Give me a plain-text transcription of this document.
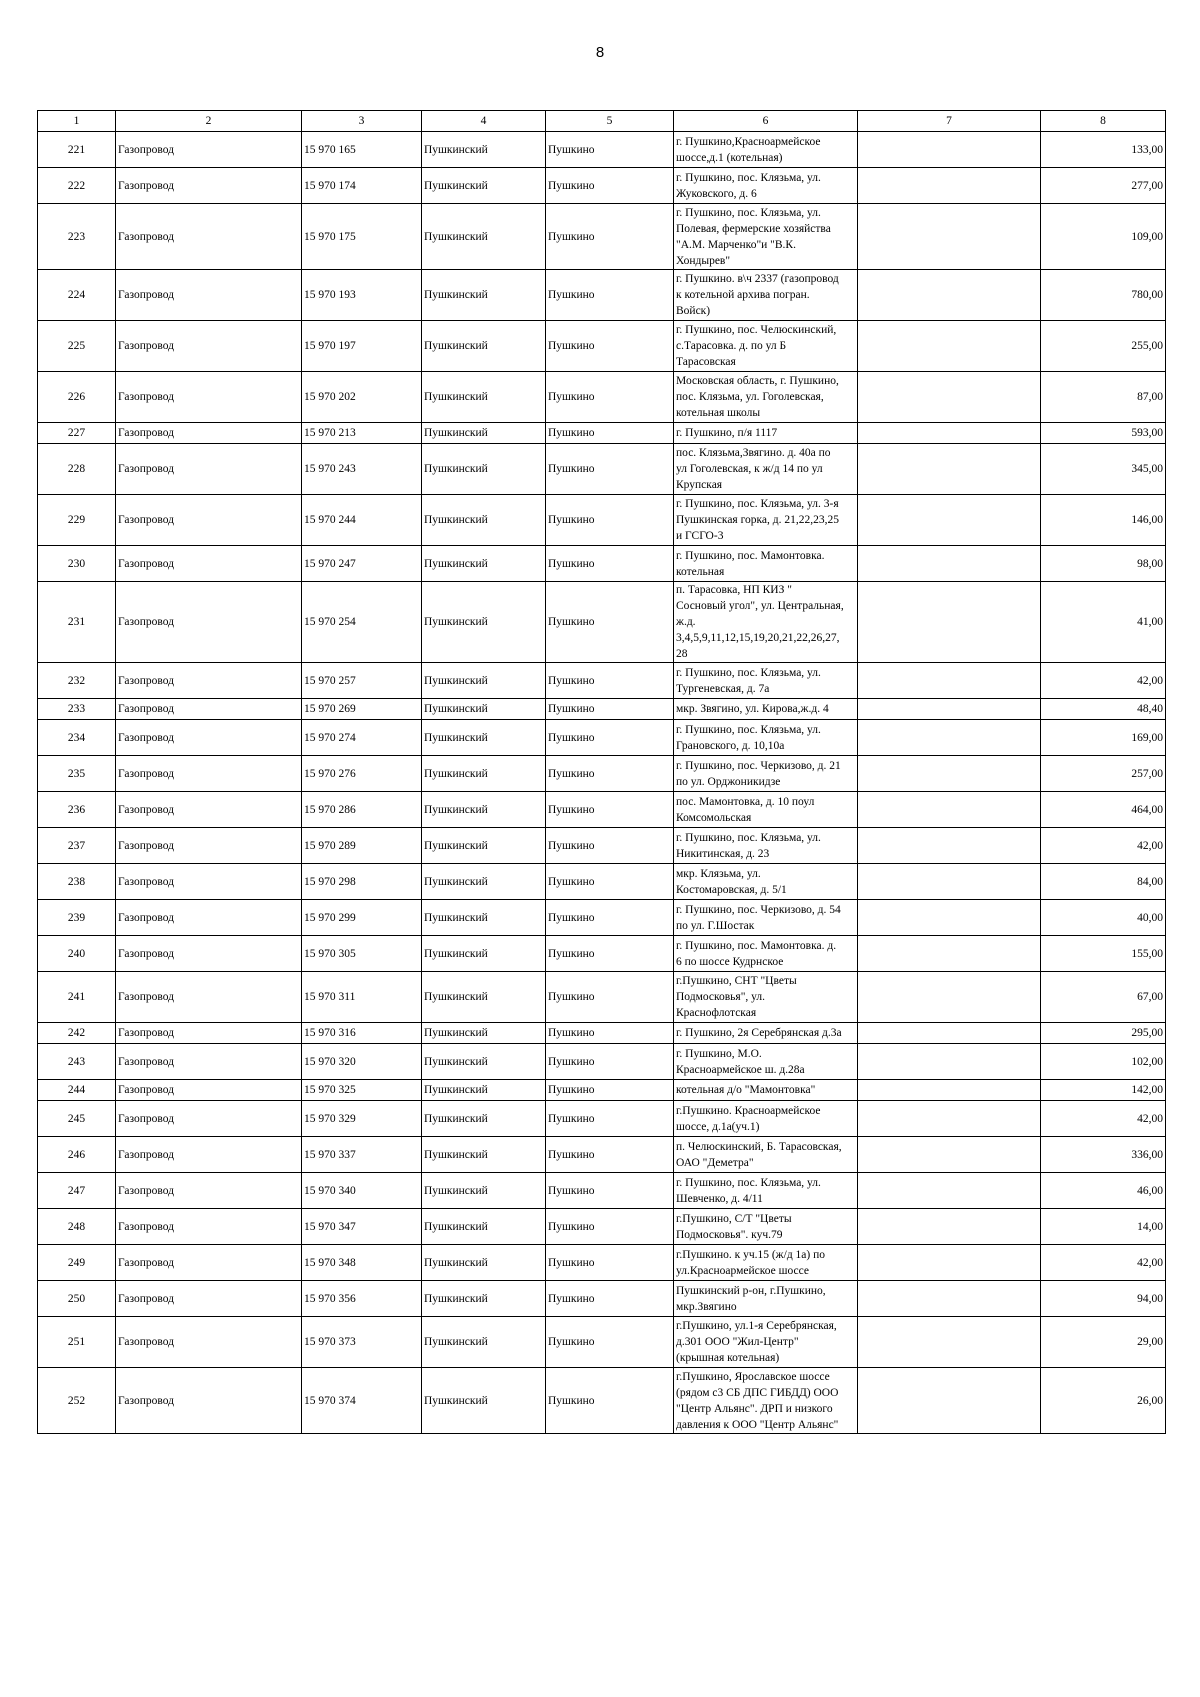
8
1	2	3	4	5	6	7	8
221	Газопровод	15 970 165	Пушкинский	Пушкино	г. Пушкино,Красноармейское
шоссе,д.1 (котельная)		133,00
222	Газопровод	15 970 174	Пушкинский	Пушкино	г. Пушкино, пос. Клязьма, ул.
Жуковского, д. 6		277,00
223	Газопровод	15 970 175	Пушкинский	Пушкино	г. Пушкино, пос. Клязьма, ул.
Полевая, фермерские хозяйства
"А.М. Марченко"и "В.К.
Хондырев"		109,00
224	Газопровод	15 970 193	Пушкинский	Пушкино	г. Пушкино. в\ч 2337 (газопровод
к котельной архива погран.
Войск)		780,00
225	Газопровод	15 970 197	Пушкинский	Пушкино	г. Пушкино, пос. Челюскинский,
с.Тарасовка. д. по ул Б
Тарасовская		255,00
226	Газопровод	15 970 202	Пушкинский	Пушкино	Московская область, г. Пушкино,
пос. Клязьма, ул. Гоголевская,
котельная школы		87,00
227	Газопровод	15 970 213	Пушкинский	Пушкино	г. Пушкино, п/я 1117		593,00
228	Газопровод	15 970 243	Пушкинский	Пушкино	пос. Клязьма,Звягино. д. 40а по
ул Гоголевская, к ж/д 14 по ул
Крупская		345,00
229	Газопровод	15 970 244	Пушкинский	Пушкино	г. Пушкино, пос. Клязьма, ул. 3-я
Пушкинская горка, д. 21,22,23,25
и ГСГО-3		146,00
230	Газопровод	15 970 247	Пушкинский	Пушкино	г. Пушкино, пос. Мамонтовка.
котельная		98,00
231	Газопровод	15 970 254	Пушкинский	Пушкино	п. Тарасовка, НП КИЗ "
Сосновый угол", ул. Центральная,
ж.д.
3,4,5,9,11,12,15,19,20,21,22,26,27,
28		41,00
232	Газопровод	15 970 257	Пушкинский	Пушкино	г. Пушкино, пос. Клязьма, ул.
Тургеневская, д. 7а		42,00
233	Газопровод	15 970 269	Пушкинский	Пушкино	мкр. Звягино, ул. Кирова,ж.д. 4		48,40
234	Газопровод	15 970 274	Пушкинский	Пушкино	г. Пушкино, пос. Клязьма, ул.
Грановского, д. 10,10а		169,00
235	Газопровод	15 970 276	Пушкинский	Пушкино	г. Пушкино, пос. Черкизово, д. 21
по ул. Орджоникидзе		257,00
236	Газопровод	15 970 286	Пушкинский	Пушкино	пос. Мамонтовка, д. 10 поул
Комсомольская		464,00
237	Газопровод	15 970 289	Пушкинский	Пушкино	г. Пушкино, пос. Клязьма, ул.
Никитинская, д. 23		42,00
238	Газопровод	15 970 298	Пушкинский	Пушкино	мкр. Клязьма, ул.
Костомаровская, д. 5/1		84,00
239	Газопровод	15 970 299	Пушкинский	Пушкино	г. Пушкино, пос. Черкизово, д. 54
по ул. Г.Шостак		40,00
240	Газопровод	15 970 305	Пушкинский	Пушкино	г. Пушкино, пос. Мамонтовка. д.
6 по шоссе Кудрнское		155,00
241	Газопровод	15 970 311	Пушкинский	Пушкино	г.Пушкино, СНТ "Цветы
Подмосковья", ул.
Краснофлотская		67,00
242	Газопровод	15 970 316	Пушкинский	Пушкино	г. Пушкино, 2я Серебрянская д.3а		295,00
243	Газопровод	15 970 320	Пушкинский	Пушкино	г. Пушкино, М.О.
Красноармейское ш. д.28а		102,00
244	Газопровод	15 970 325	Пушкинский	Пушкино	котельная д/о "Мамонтовка"		142,00
245	Газопровод	15 970 329	Пушкинский	Пушкино	г.Пушкино. Красноармейское
шоссе, д.1а(уч.1)		42,00
246	Газопровод	15 970 337	Пушкинский	Пушкино	п. Челюскинский, Б. Тарасовская,
ОАО "Деметра"		336,00
247	Газопровод	15 970 340	Пушкинский	Пушкино	г. Пушкино, пос. Клязьма, ул.
Шевченко, д. 4/11		46,00
248	Газопровод	15 970 347	Пушкинский	Пушкино	г.Пушкино, С/Т "Цветы
Подмосковья". куч.79		14,00
249	Газопровод	15 970 348	Пушкинский	Пушкино	г.Пушкино. к уч.15 (ж/д 1а) по
ул.Красноармейское шоссе		42,00
250	Газопровод	15 970 356	Пушкинский	Пушкино	Пушкинский р-он, г.Пушкино,
мкр.Звягино		94,00
251	Газопровод	15 970 373	Пушкинский	Пушкино	г.Пушкино, ул.1-я Серебрянская,
д.301 ООО "Жил-Центр"
(крышная котельная)		29,00
252	Газопровод	15 970 374	Пушкинский	Пушкино	г.Пушкино, Ярославское шоссе
(рядом с3 СБ ДПС ГИБДД) ООО
"Центр Альянс". ДРП и низкого
давления к ООО "Центр Альянс"		26,00
